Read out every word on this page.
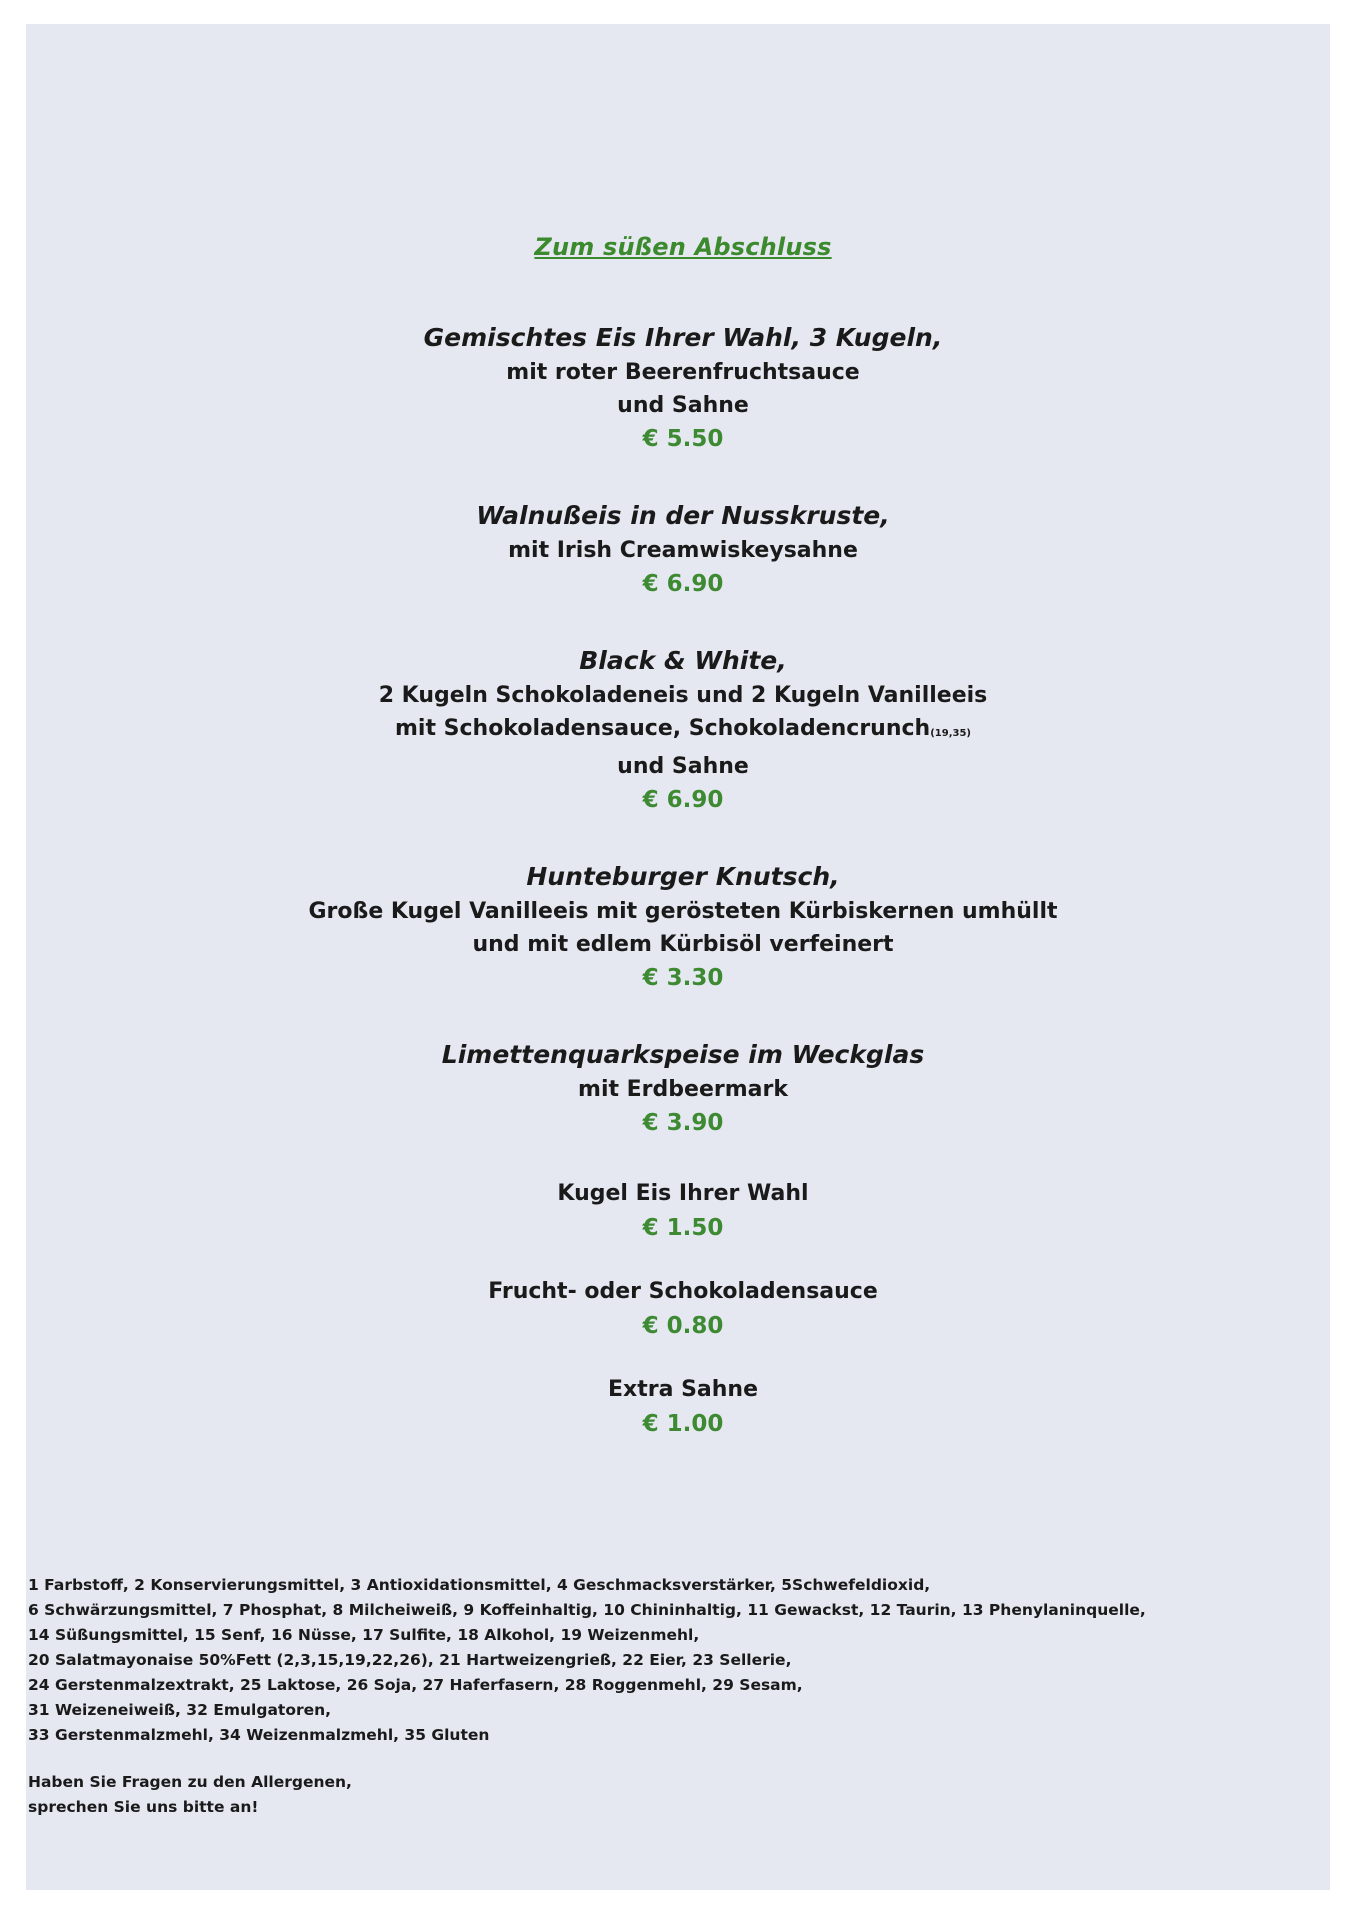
Zum süßen Abschluss
Gemischtes Eis Ihrer Wahl, 3 Kugeln,
mit roter Beerenfruchtsauce
und Sahne
€ 5.50
Walnußeis in der Nusskruste,
mit Irish Creamwiskeysahne
€ 6.90
Black & White,
2 Kugeln Schokoladeneis und 2 Kugeln Vanilleeis
mit Schokoladensauce, Schokoladencrunch(19,35)
und Sahne
€ 6.90
Hunteburger Knutsch,
Große Kugel Vanilleeis mit gerösteten Kürbiskernen umhüllt
und mit edlem Kürbisöl verfeinert
€ 3.30
Limettenquarkspeise im Weckglas
mit Erdbeermark
€ 3.90
Kugel Eis Ihrer Wahl
€ 1.50
Frucht- oder Schokoladensauce
€ 0.80
Extra Sahne
€ 1.00
1 Farbstoff, 2 Konservierungsmittel, 3 Antioxidationsmittel, 4 Geschmacksverstärker, 5Schwefeldioxid,
6 Schwärzungsmittel, 7 Phosphat, 8 Milcheiweiß, 9 Koffeinhaltig, 10 Chininhaltig, 11 Gewackst, 12 Taurin, 13 Phenylaninquelle,
14 Süßungsmittel, 15 Senf, 16 Nüsse, 17 Sulfite, 18 Alkohol, 19 Weizenmehl,
20 Salatmayonaise 50%Fett (2,3,15,19,22,26), 21 Hartweizengrieß, 22 Eier, 23 Sellerie,
24 Gerstenmalzextrakt, 25 Laktose, 26 Soja, 27 Haferfasern, 28 Roggenmehl, 29 Sesam,
31 Weizeneiweiß, 32 Emulgatoren,
33 Gerstenmalzmehl, 34 Weizenmalzmehl, 35 Gluten
Haben Sie Fragen zu den Allergenen,
sprechen Sie uns bitte an!
